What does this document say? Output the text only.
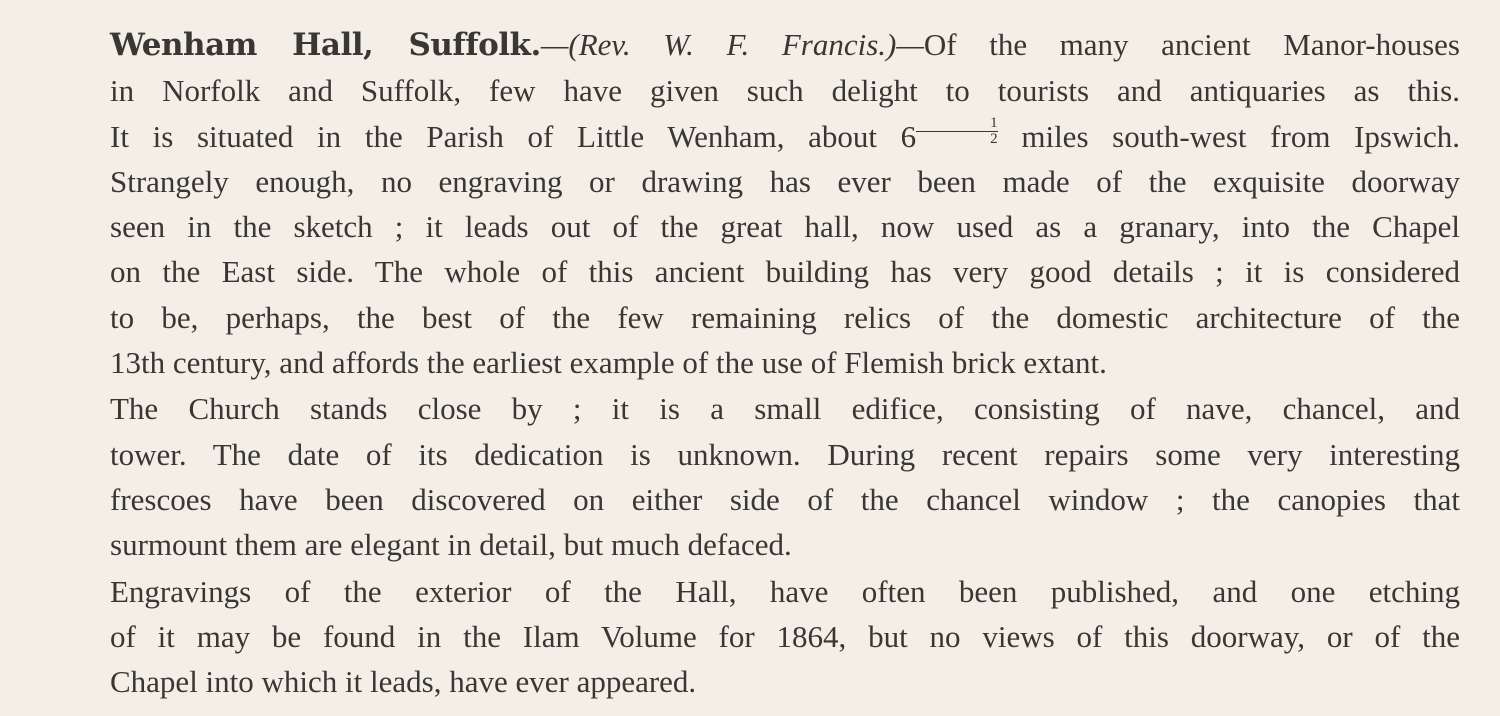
Wenham Hall, Suffolk.—(Rev. W. F. Francis.)—Of the many ancient Manor-houses
in Norfolk and Suffolk, few have given such delight to tourists and antiquaries as this.
It is situated in the Parish of Little Wenham, about $6 \frac{1}{2}$ miles south-west from Ipswich.
Strangely enough, no engraving or drawing has ever been made of the exquisite doorway
seen in the sketch ; it leads out of the great hall, now used as a granary, into the Chapel
on the East side. The whole of this ancient building has very good details ; it is considered
to be, perhaps, the best of the few remaining relics of the domestic architecture of the
13th century, and affords the earliest example of the use of Flemish brick extant.

The Church stands close by ; it is a small edifice, consisting of nave, chancel, and
tower. The date of its dedication is unknown. During recent repairs some very interesting
frescoes have been discovered on either side of the chancel window ; the canopies that
surmount them are elegant in detail, but much defaced.

Engravings of the exterior of the Hall, have often been published, and one etching
of it may be found in the Ilam Volume for 1864, but no views of this doorway, or of the
Chapel into which it leads, have ever appeared.
